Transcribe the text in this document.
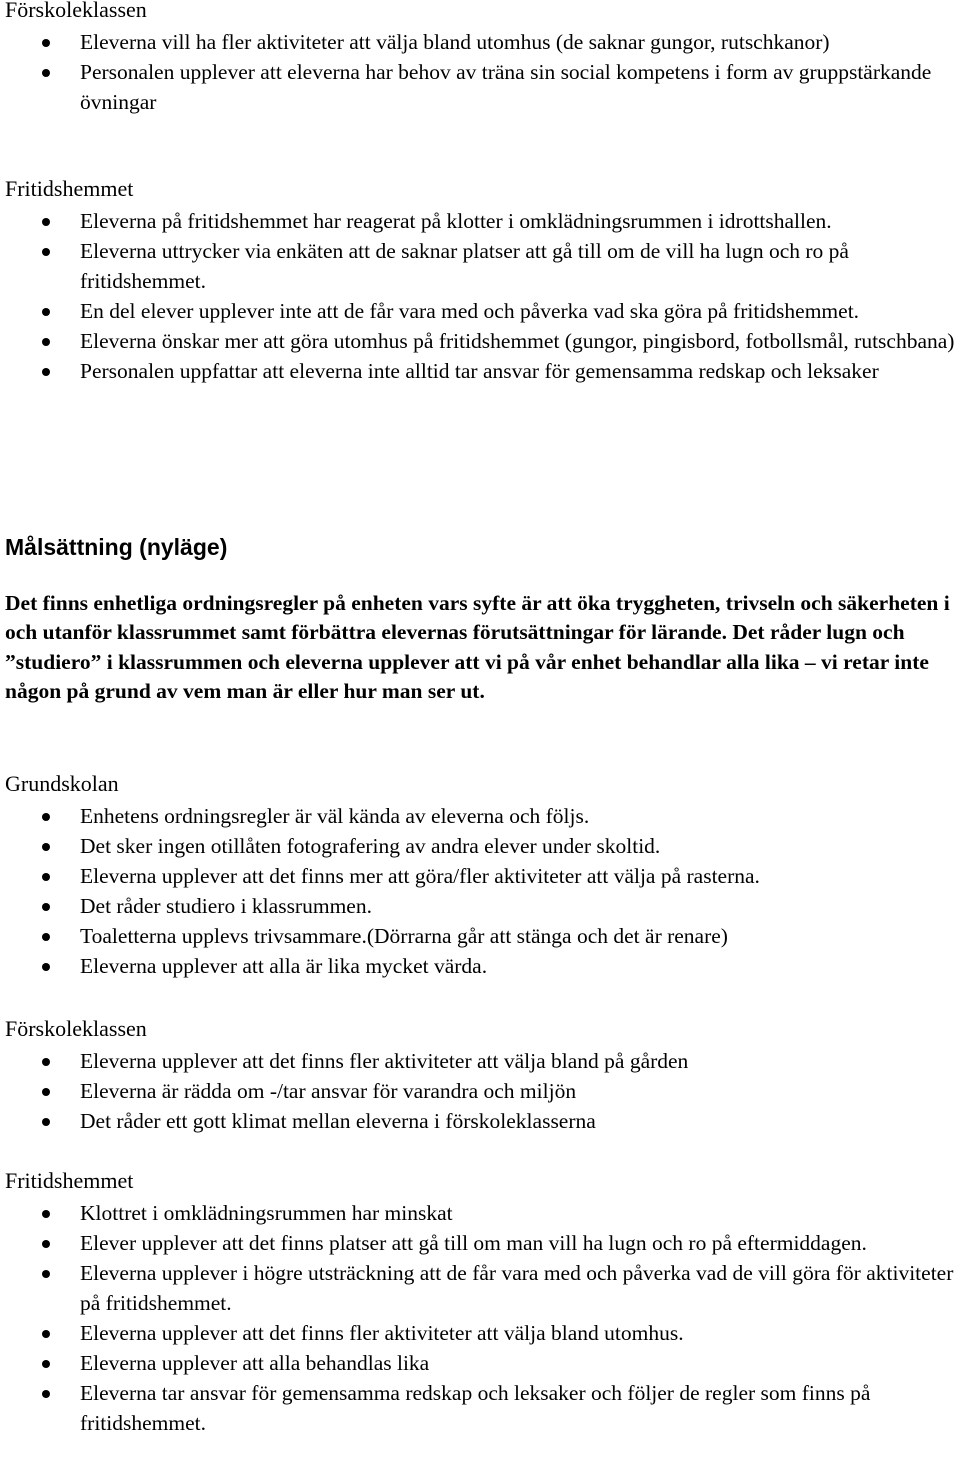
Förskoleklassen
Eleverna vill ha fler aktiviteter att välja bland utomhus (de saknar gungor, rutschkanor)
Personalen upplever att eleverna har behov av träna sin social kompetens i form av gruppstärkande övningar
Fritidshemmet
Eleverna på fritidshemmet har reagerat på klotter i omklädningsrummen i idrottshallen.
Eleverna uttrycker via enkäten att de saknar platser att gå till om de vill ha lugn och ro på fritidshemmet.
En del elever upplever inte att de får vara med och påverka vad ska göra på fritidshemmet.
Eleverna önskar mer att göra utomhus på fritidshemmet (gungor, pingisbord, fotbollsmål, rutschbana)
Personalen uppfattar att eleverna inte alltid tar ansvar för gemensamma redskap och leksaker
Målsättning (nyläge)
Det finns enhetliga ordningsregler på enheten vars syfte är att öka tryggheten, trivseln och säkerheten i och utanför klassrummet samt förbättra elevernas förutsättningar för lärande. Det råder lugn och ”studiero” i klassrummen och eleverna upplever att vi på vår enhet behandlar alla lika – vi retar inte någon på grund av vem man är eller hur man ser ut.
Grundskolan
Enhetens ordningsregler är väl kända av eleverna och följs.
Det sker ingen otillåten fotografering av andra elever under skoltid.
Eleverna upplever att det finns mer att göra/fler aktiviteter att välja på rasterna.
Det råder studiero i klassrummen.
Toaletterna upplevs trivsammare.(Dörrarna går att stänga och det är renare)
Eleverna upplever att alla är lika mycket värda.
Förskoleklassen
Eleverna upplever att det finns fler aktiviteter att välja bland på gården
Eleverna är rädda om -/tar ansvar för varandra och miljön
Det råder ett gott klimat mellan eleverna i förskoleklasserna
Fritidshemmet
Klottret i omklädningsrummen har minskat
Elever upplever att det finns platser att gå till om man vill ha lugn och ro på eftermiddagen.
Eleverna upplever i högre utsträckning att de får vara med och påverka vad de vill göra för aktiviteter på fritidshemmet.
Eleverna upplever att det finns fler aktiviteter att välja bland utomhus.
Eleverna upplever att alla behandlas lika
Eleverna tar ansvar för gemensamma redskap och leksaker och följer de regler som finns på fritidshemmet.
